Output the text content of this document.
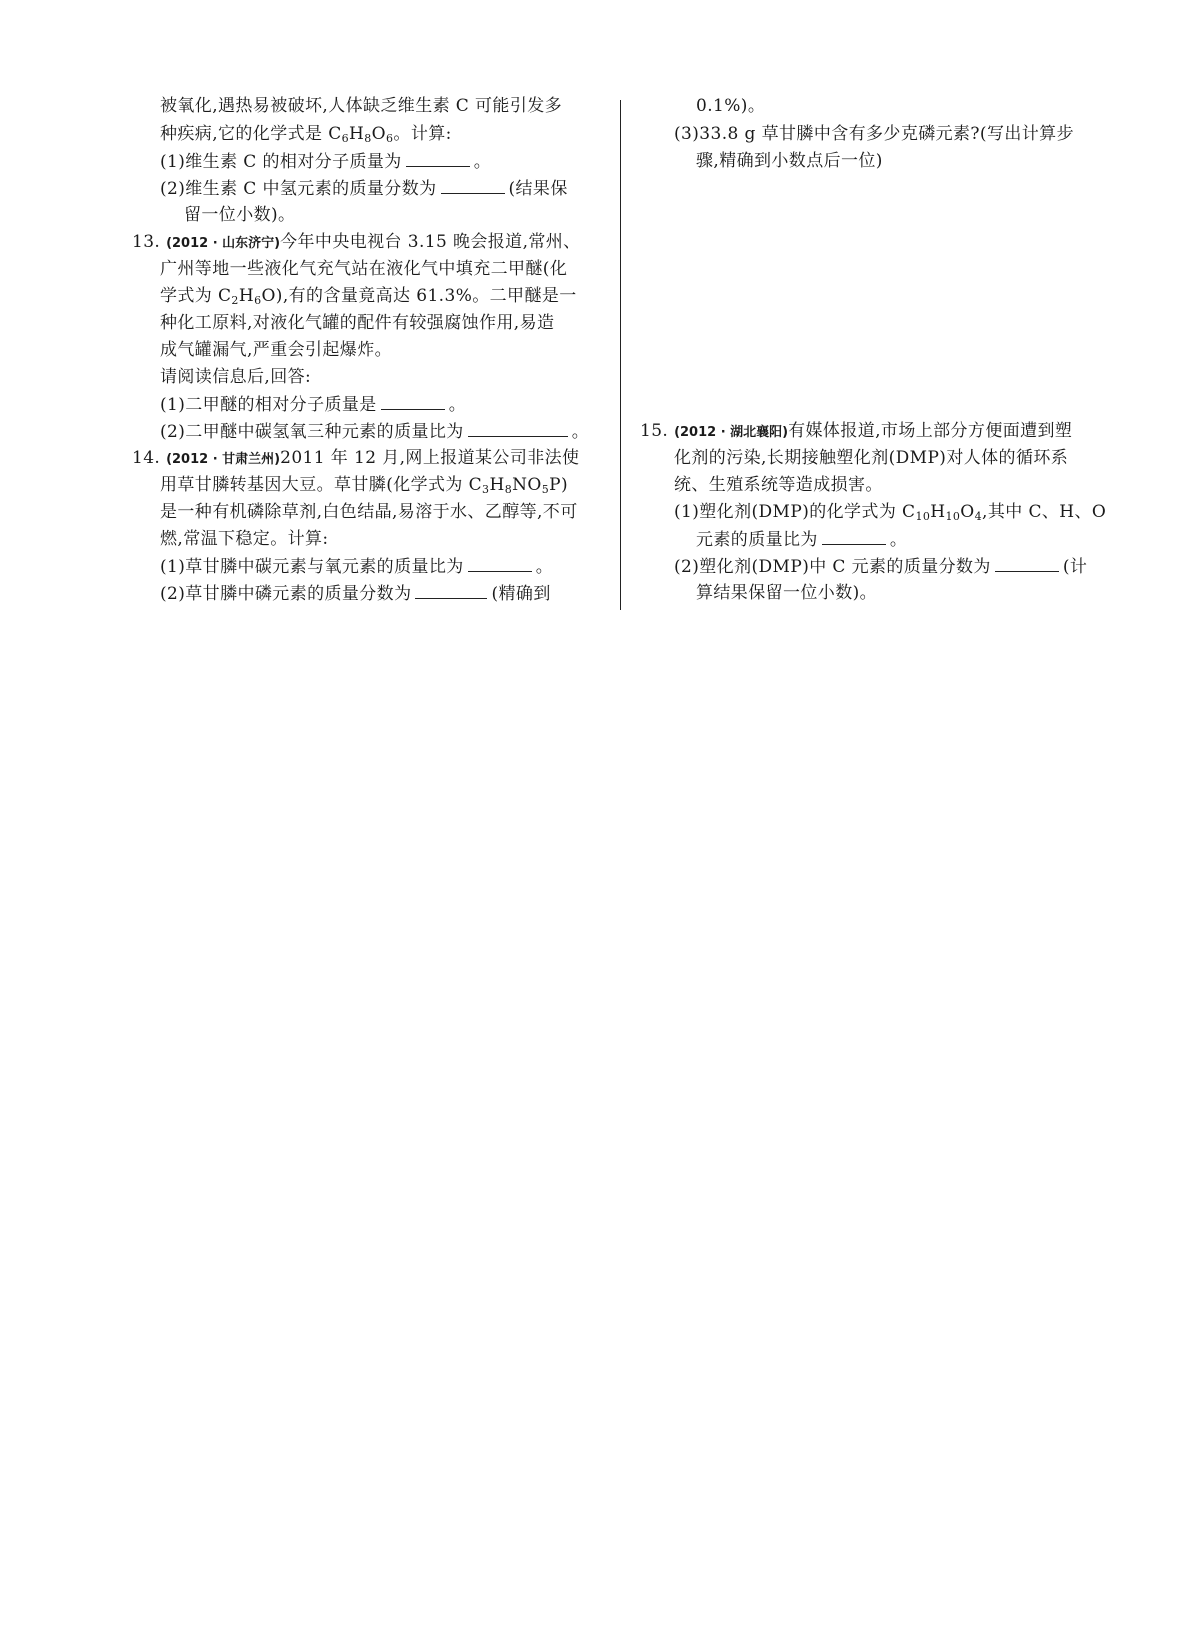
被氧化,遇热易被破坏,人体缺乏维生素 C 可能引发多
种疾病,它的化学式是 $C_6H_8O_6$。计算:
(1)维生素 C 的相对分子质量为	。
(2)维生素 C 中氢元素的质量分数为	(结果保
留一位小数)。
13. (2012 · 山东济宁)今年中央电视台 3.15 晚会报道,常州、
广州等地一些液化气充气站在液化气中填充二甲醚(化
学式为 $C_2H_6O$),有的含量竟高达 61.3%。二甲醚是一
种化工原料,对液化气罐的配件有较强腐蚀作用,易造
成气罐漏气,严重会引起爆炸。
请阅读信息后,回答:
(1)二甲醚的相对分子质量是	。
(2)二甲醚中碳氢氧三种元素的质量比为	。
14. (2012 · 甘肃兰州)2011 年 12 月,网上报道某公司非法使
用草甘膦转基因大豆。草甘膦(化学式为 $C_3H_8NO_5P$)
是一种有机磷除草剂,白色结晶,易溶于水、乙醇等,不可
燃,常温下稳定。计算:
(1)草甘膦中碳元素与氧元素的质量比为	。
(2)草甘膦中磷元素的质量分数为	(精确到
0.1%)。
(3)33.8 g 草甘膦中含有多少克磷元素?(写出计算步
骤,精确到小数点后一位)
15. (2012 · 湖北襄阳)有媒体报道,市场上部分方便面遭到塑
化剂的污染,长期接触塑化剂(DMP)对人体的循环系
统、生殖系统等造成损害。
(1)塑化剂(DMP)的化学式为 $C_{10}H_{10}O_4$,其中 C、H、O
元素的质量比为	。
(2)塑化剂(DMP)中 C 元素的质量分数为	(计
算结果保留一位小数)。
